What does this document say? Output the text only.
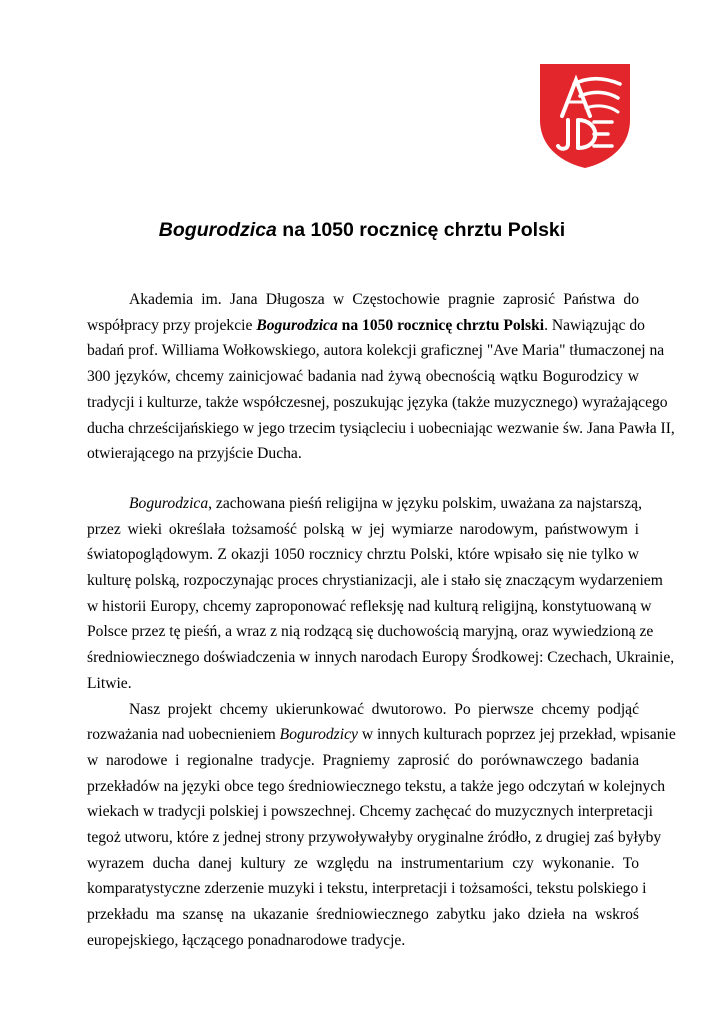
Bogurodzica na 1050 rocznicę chrztu Polski
Akademia im. Jana Długosza w Częstochowie pragnie zaprosić Państwa do
współpracy przy projekcie Bogurodzica na 1050 rocznicę chrztu Polski. Nawiązując do
badań prof. Williama Wołkowskiego, autora kolekcji graficznej "Ave Maria" tłumaczonej na
300 języków, chcemy zainicjować badania nad żywą obecnością wątku Bogurodzicy w
tradycji i kulturze, także współczesnej, poszukując języka (także muzycznego) wyrażającego
ducha chrześcijańskiego w jego trzecim tysiącleciu i uobecniając wezwanie św. Jana Pawła II,
otwierającego na przyjście Ducha.
Bogurodzica, zachowana pieśń religijna w języku polskim, uważana za najstarszą,
przez wieki określała tożsamość polską w jej wymiarze narodowym, państwowym i
światopoglądowym. Z okazji 1050 rocznicy chrztu Polski, które wpisało się nie tylko w
kulturę polską, rozpoczynając proces chrystianizacji, ale i stało się znaczącym wydarzeniem
w historii Europy, chcemy zaproponować refleksję nad kulturą religijną, konstytuowaną w
Polsce przez tę pieśń, a wraz z nią rodzącą się duchowością maryjną, oraz wywiedzioną ze
średniowiecznego doświadczenia w innych narodach Europy Środkowej: Czechach, Ukrainie,
Litwie.
Nasz projekt chcemy ukierunkować dwutorowo. Po pierwsze chcemy podjąć
rozważania nad uobecnieniem Bogurodzicy w innych kulturach poprzez jej przekład, wpisanie
w narodowe i regionalne tradycje. Pragniemy zaprosić do porównawczego badania
przekładów na języki obce tego średniowiecznego tekstu, a także jego odczytań w kolejnych
wiekach w tradycji polskiej i powszechnej. Chcemy zachęcać do muzycznych interpretacji
tegoż utworu, które z jednej strony przywoływałyby oryginalne źródło, z drugiej zaś byłyby
wyrazem ducha danej kultury ze względu na instrumentarium czy wykonanie. To
komparatystyczne zderzenie muzyki i tekstu, interpretacji i tożsamości, tekstu polskiego i
przekładu ma szansę na ukazanie średniowiecznego zabytku jako dzieła na wskroś
europejskiego, łączącego ponadnarodowe tradycje.
